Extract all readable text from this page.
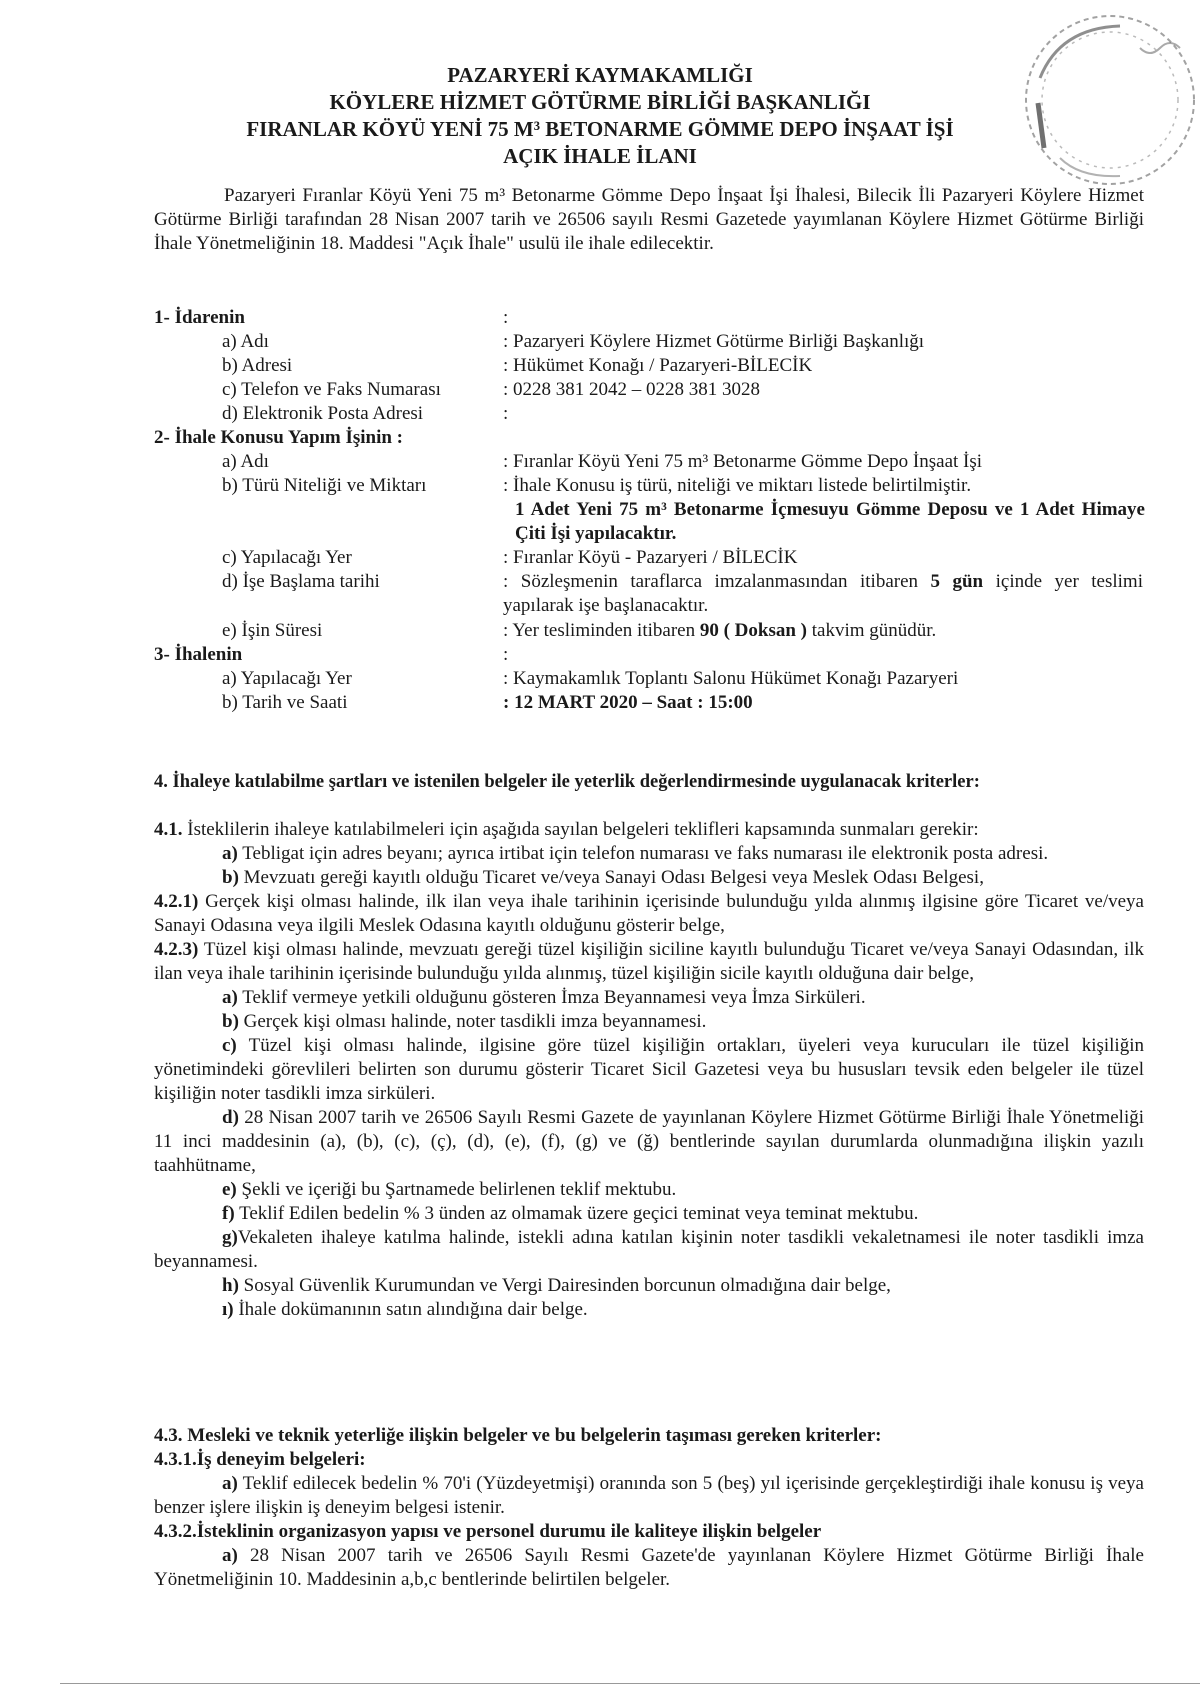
PAZARYERİ KAYMAKAMLIĞI
KÖYLERE HİZMET GÖTÜRME BİRLİĞİ BAŞKANLIĞI
FIRANLAR KÖYÜ YENİ 75 M³ BETONARME GÖMME DEPO İNŞAAT İŞİ
AÇIK İHALE İLANI

Pazaryeri Fıranlar Köyü Yeni 75 m³ Betonarme Gömme Depo İnşaat İşi İhalesi, Bilecik İli Pazaryeri Köylere Hizmet Götürme Birliği tarafından 28 Nisan 2007 tarih ve 26506 sayılı Resmi Gazetede yayımlanan Köylere Hizmet Götürme Birliği İhale Yönetmeliğinin 18. Maddesi "Açık İhale" usulü ile ihale edilecektir.

1- İdarenin	:
a) Adı	: Pazaryeri Köylere Hizmet Götürme Birliği Başkanlığı
b) Adresi	: Hükümet Konağı / Pazaryeri-BİLECİK
c) Telefon ve Faks Numarası	: 0228 381 2042 – 0228 381 3028
d) Elektronik Posta Adresi	:
2- İhale Konusu Yapım İşinin :
a) Adı	: Fıranlar Köyü Yeni 75 m³ Betonarme Gömme Depo İnşaat İşi
b) Türü Niteliği ve Miktarı	: İhale Konusu iş türü, niteliği ve miktarı listede belirtilmiştir.
1 Adet Yeni 75 m³ Betonarme İçmesuyu Gömme Deposu ve 1 Adet Himaye Çiti İşi yapılacaktır.
c) Yapılacağı Yer	: Fıranlar Köyü - Pazaryeri / BİLECİK
d) İşe Başlama tarihi	: Sözleşmenin taraflarca imzalanmasından itibaren 5 gün içinde yer teslimi yapılarak işe başlanacaktır.
e) İşin Süresi	: Yer tesliminden itibaren 90 ( Doksan ) takvim günüdür.
3- İhalenin	:
a) Yapılacağı Yer	: Kaymakamlık Toplantı Salonu Hükümet Konağı Pazaryeri
b) Tarih ve Saati	: 12 MART 2020 – Saat : 15:00

4. İhaleye katılabilme şartları ve istenilen belgeler ile yeterlik değerlendirmesinde uygulanacak kriterler:

4.1. İsteklilerin ihaleye katılabilmeleri için aşağıda sayılan belgeleri teklifleri kapsamında sunmaları gerekir:

a) Tebligat için adres beyanı; ayrıca irtibat için telefon numarası ve faks numarası ile elektronik posta adresi.

b) Mevzuatı gereği kayıtlı olduğu Ticaret ve/veya Sanayi Odası Belgesi veya Meslek Odası Belgesi,

4.2.1) Gerçek kişi olması halinde, ilk ilan veya ihale tarihinin içerisinde bulunduğu yılda alınmış ilgisine göre Ticaret ve/veya Sanayi Odasına veya ilgili Meslek Odasına kayıtlı olduğunu gösterir belge,

4.2.3) Tüzel kişi olması halinde, mevzuatı gereği tüzel kişiliğin siciline kayıtlı bulunduğu Ticaret ve/veya Sanayi Odasından, ilk ilan veya ihale tarihinin içerisinde bulunduğu yılda alınmış, tüzel kişiliğin sicile kayıtlı olduğuna dair belge,

a) Teklif vermeye yetkili olduğunu gösteren İmza Beyannamesi veya İmza Sirküleri.

b) Gerçek kişi olması halinde, noter tasdikli imza beyannamesi.

c) Tüzel kişi olması halinde, ilgisine göre tüzel kişiliğin ortakları, üyeleri veya kurucuları ile tüzel kişiliğin yönetimindeki görevlileri belirten son durumu gösterir Ticaret Sicil Gazetesi veya bu hususları tevsik eden belgeler ile tüzel kişiliğin noter tasdikli imza sirküleri.

d) 28 Nisan 2007 tarih ve 26506 Sayılı Resmi Gazete de yayınlanan Köylere Hizmet Götürme Birliği İhale Yönetmeliği 11 inci maddesinin (a), (b), (c), (ç), (d), (e), (f), (g) ve (ğ) bentlerinde sayılan durumlarda olunmadığına ilişkin yazılı taahhütname,

e) Şekli ve içeriği bu Şartnamede belirlenen teklif mektubu.

f) Teklif Edilen bedelin % 3 ünden az olmamak üzere geçici teminat veya teminat mektubu.

g)Vekaleten ihaleye katılma halinde, istekli adına katılan kişinin noter tasdikli vekaletnamesi ile noter tasdikli imza beyannamesi.

h) Sosyal Güvenlik Kurumundan ve Vergi Dairesinden borcunun olmadığına dair belge,

ı) İhale dokümanının satın alındığına dair belge.

4.3. Mesleki ve teknik yeterliğe ilişkin belgeler ve bu belgelerin taşıması gereken kriterler:

4.3.1.İş deneyim belgeleri:

a) Teklif edilecek bedelin % 70'i (Yüzdeyetmişi) oranında son 5 (beş) yıl içerisinde gerçekleştirdiği ihale konusu iş veya benzer işlere ilişkin iş deneyim belgesi istenir.

4.3.2.İsteklinin organizasyon yapısı ve personel durumu ile kaliteye ilişkin belgeler

a) 28 Nisan 2007 tarih ve 26506 Sayılı Resmi Gazete'de yayınlanan Köylere Hizmet Götürme Birliği İhale Yönetmeliğinin 10. Maddesinin a,b,c bentlerinde belirtilen belgeler.
